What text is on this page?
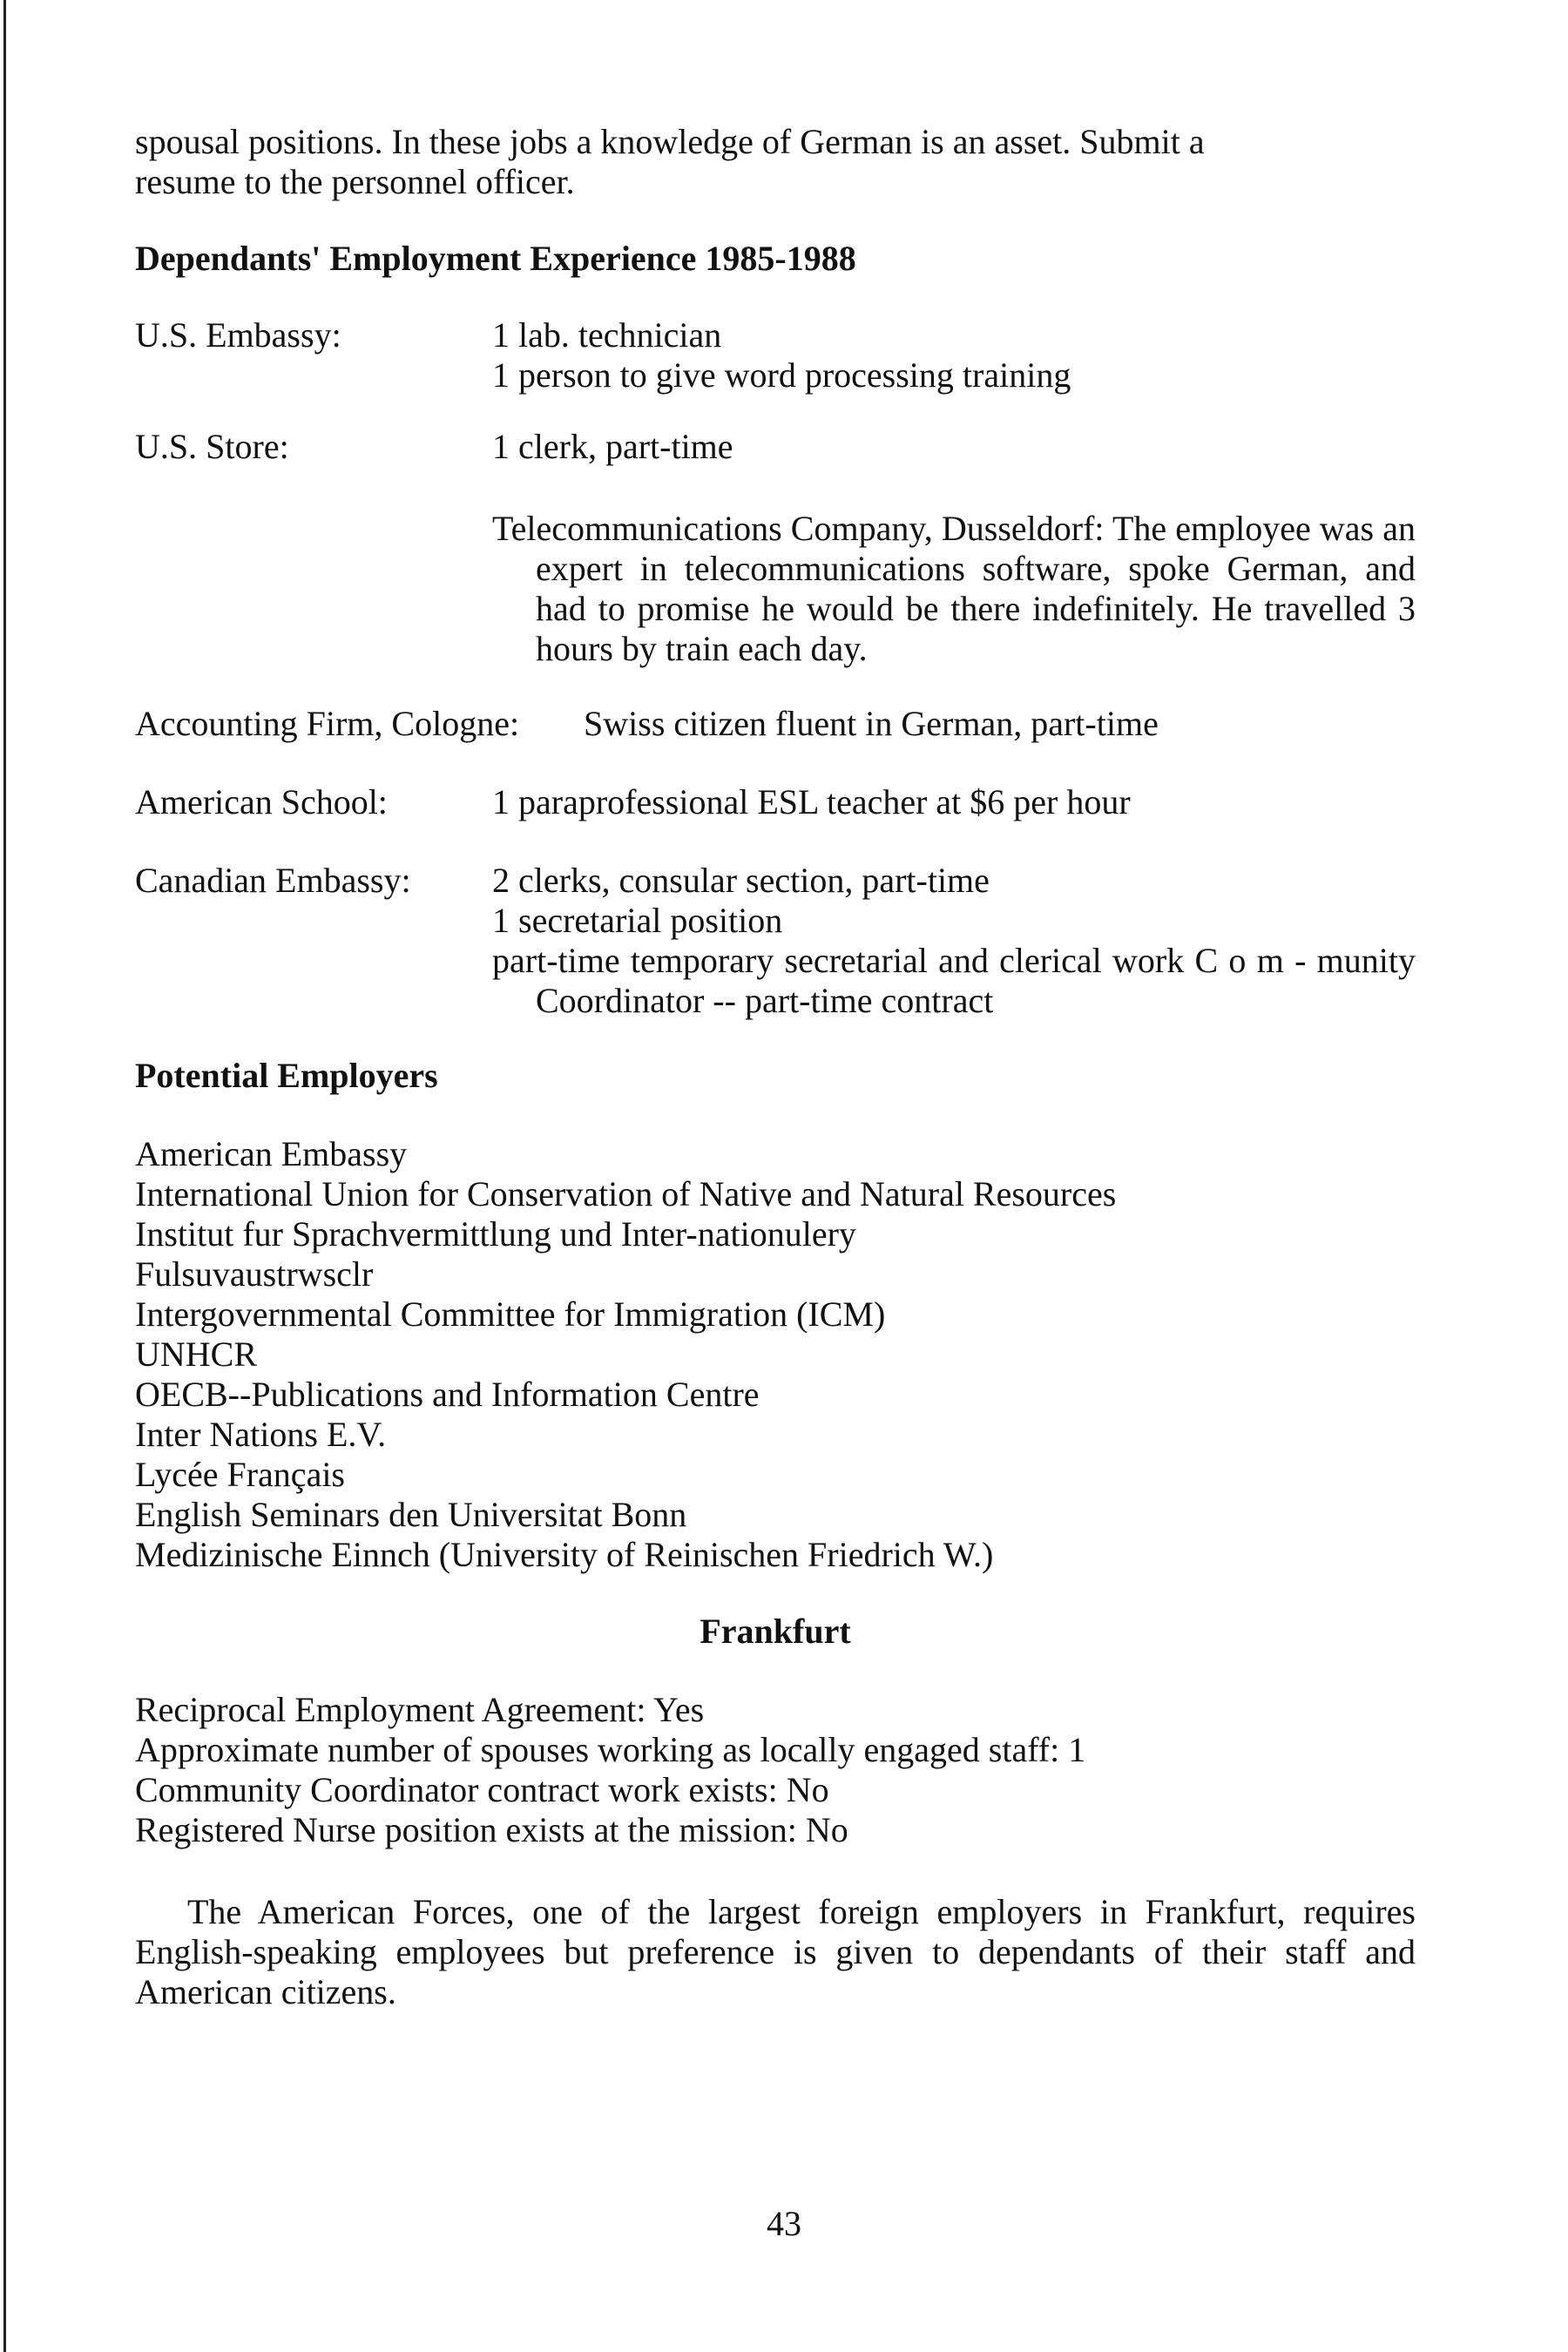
spousal positions. In these jobs a knowledge of German is an asset. Submit a
resume to the personnel officer.

Dependants' Employment Experience 1985-1988

U.S. Embassy:	1 lab. technician
1 person to give word processing training
U.S. Store:	1 clerk, part-time
Telecommunications Company, Dusseldorf: The employee was an expert in telecommunications software, spoke German, and had to promise he would be there indefinitely. He travelled 3 hours by train each day.
Accounting Firm, Cologne:	Swiss citizen fluent in German, part-time
American School:	1 paraprofessional ESL teacher at $6 per hour
Canadian Embassy:	2 clerks, consular section, part-time
1 secretarial position
part-time temporary secretarial and clerical work C o m - munity Coordinator -- part-time contract

Potential Employers

American Embassy
International Union for Conservation of Native and Natural Resources
Institut fur Sprachvermittlung und Inter-nationulery
Fulsuvaustrwsclr
Intergovernmental Committee for Immigration (ICM)
UNHCR
OECB--Publications and Information Centre
Inter Nations E.V.
Lycée Français
English Seminars den Universitat Bonn
Medizinische Einnch (University of Reinischen Friedrich W.)

Frankfurt

Reciprocal Employment Agreement: Yes
Approximate number of spouses working as locally engaged staff: 1
Community Coordinator contract work exists: No
Registered Nurse position exists at the mission: No

The American Forces, one of the largest foreign employers in Frankfurt, requires English-speaking employees but preference is given to dependants of their staff and American citizens.

43
